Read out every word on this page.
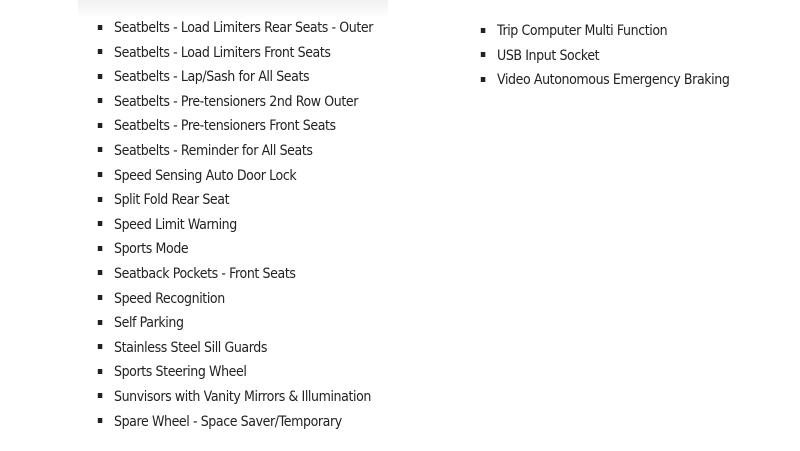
Seatbelts - Load Limiters Rear Seats - Outer
Seatbelts - Load Limiters Front Seats
Seatbelts - Lap/Sash for All Seats
Seatbelts - Pre-tensioners 2nd Row Outer
Seatbelts - Pre-tensioners Front Seats
Seatbelts - Reminder for All Seats
Speed Sensing Auto Door Lock
Split Fold Rear Seat
Speed Limit Warning
Sports Mode
Seatback Pockets - Front Seats
Speed Recognition
Self Parking
Stainless Steel Sill Guards
Sports Steering Wheel
Sunvisors with Vanity Mirrors & Illumination
Spare Wheel - Space Saver/Temporary
Trip Computer Multi Function
USB Input Socket
Video Autonomous Emergency Braking
